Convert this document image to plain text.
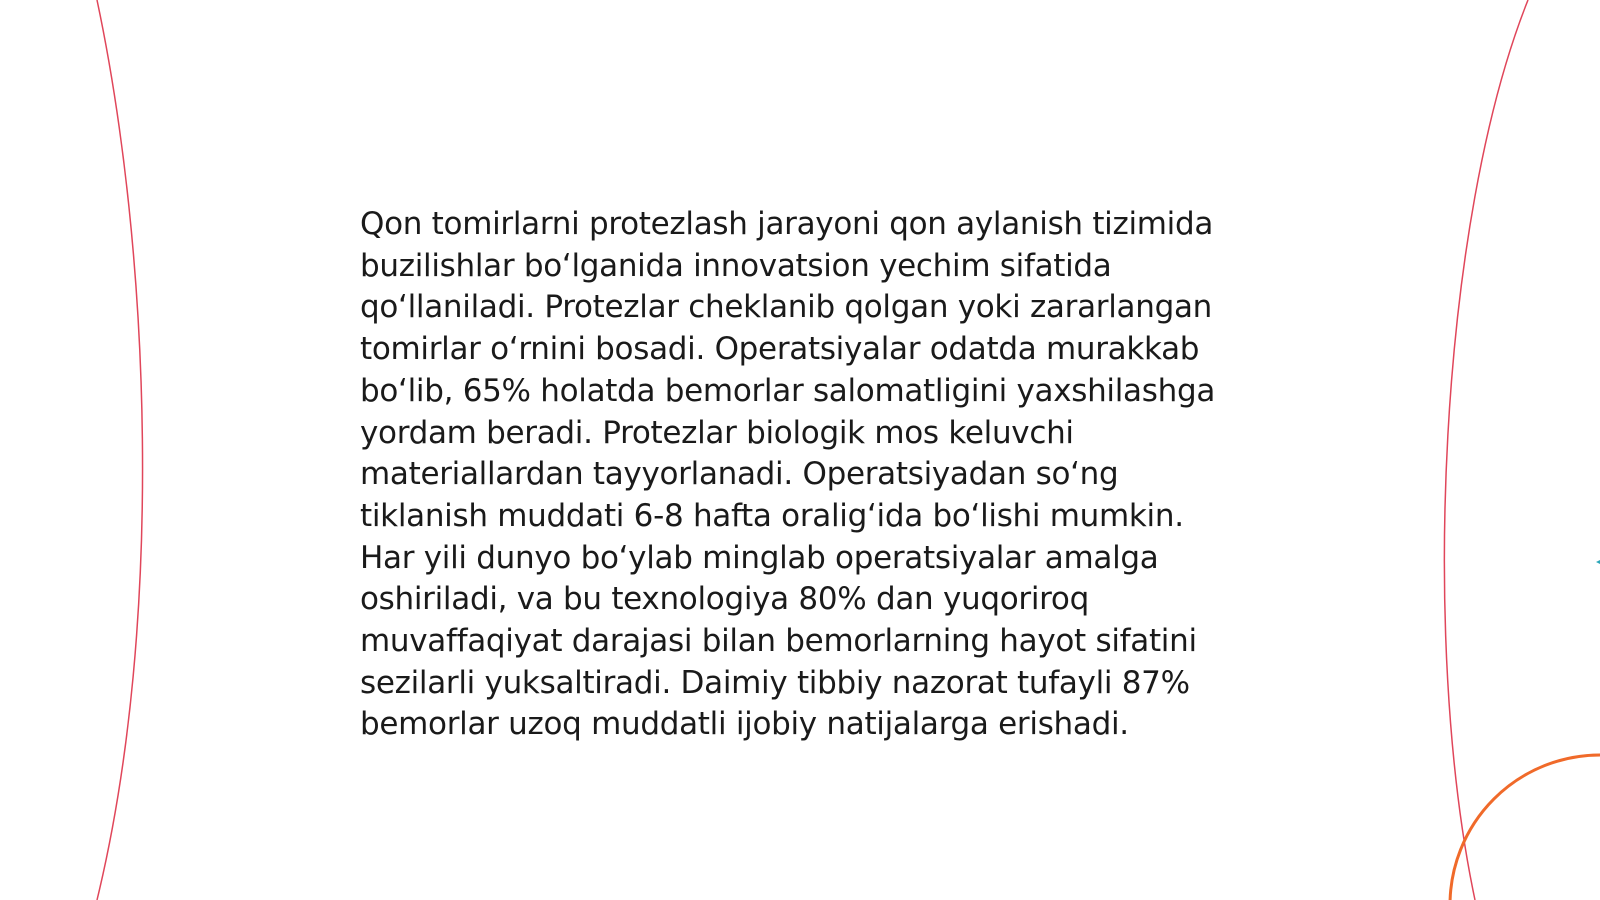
Qon tomirlarni protezlash jarayoni qon aylanish tizimida buzilishlar bo‘lganida innovatsion yechim sifatida qo‘llaniladi. Protezlar cheklanib qolgan yoki zararlangan tomirlar o‘rnini bosadi. Operatsiyalar odatda murakkab bo‘lib, 65% holatda bemorlar salomatligini yaxshilashga yordam beradi. Protezlar biologik mos keluvchi materiallardan tayyorlanadi. Operatsiyadan so‘ng tiklanish muddati 6-8 hafta oralig‘ida bo‘lishi mumkin. Har yili dunyo bo‘ylab minglab operatsiyalar amalga oshiriladi, va bu texnologiya 80% dan yuqoriroq muvaffaqiyat darajasi bilan bemorlarning hayot sifatini sezilarli yuksaltiradi. Daimiy tibbiy nazorat tufayli 87% bemorlar uzoq muddatli ijobiy natijalarga erishadi.
